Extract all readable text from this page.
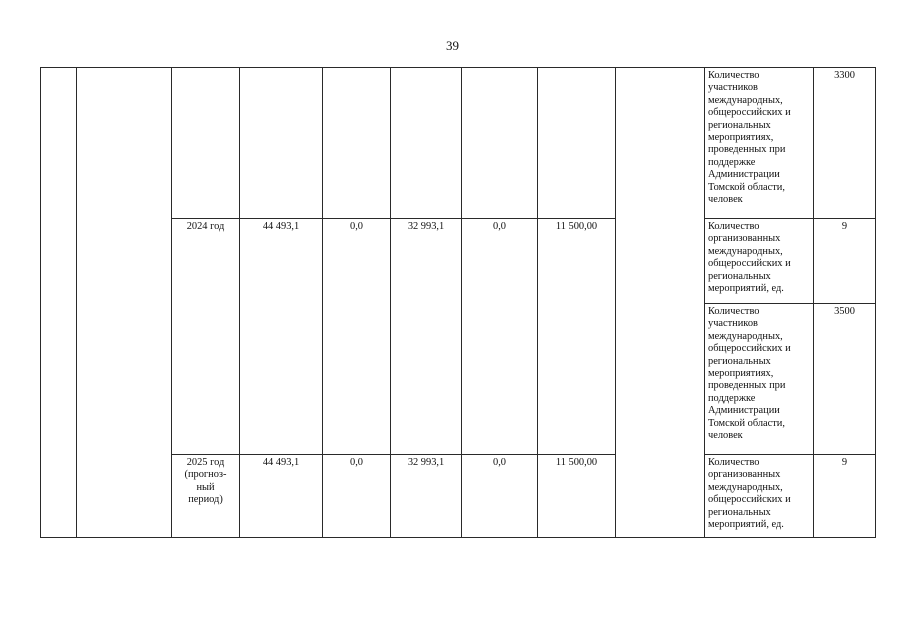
39
									Количество участников международных, общероссийских и региональных мероприятиях, проведенных при поддержке Администрации Томской области, человек	3300
		2024 год	44 493,1	0,0	32 993,1	0,0	11 500,00		Количество организованных международных, общероссийских и региональных мероприятий, ед.	9
									Количество участников международных, общероссийских и региональных мероприятиях, проведенных при поддержке Администрации Томской области, человек	3500
		2025 год
(прогноз-
ный
период)	44 493,1	0,0	32 993,1	0,0	11 500,00		Количество организованных международных, общероссийских и региональных мероприятий, ед.	9
